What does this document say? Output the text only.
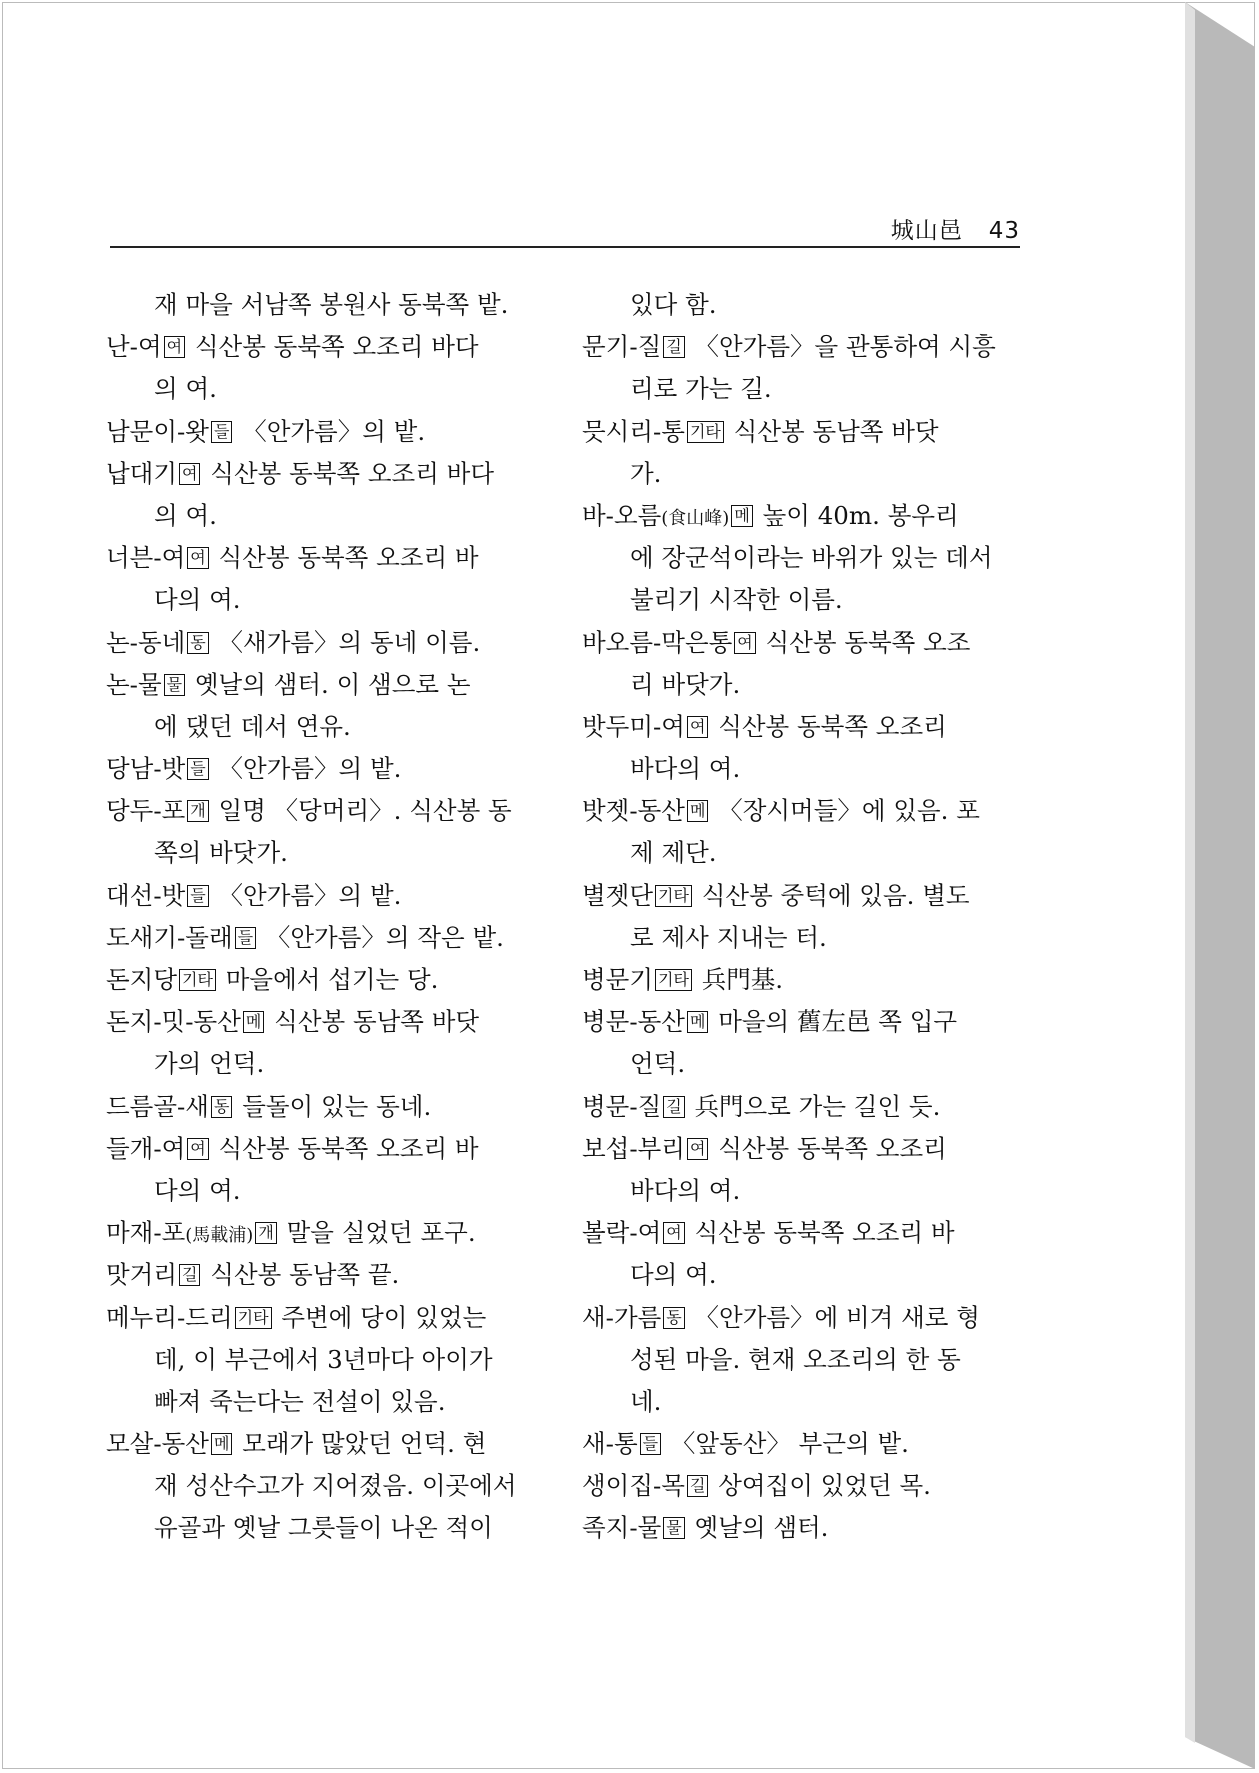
城山邑 43
재 마을 서남쪽 봉원사 동북쪽 밭.
난-여 여 식산봉 동북쪽 오조리 바다
의 여.
남문이-왓 들 〈안가름〉의 밭.
납대기 여 식산봉 동북쪽 오조리 바다
의 여.
너븐-여 여 식산봉 동북쪽 오조리 바
다의 여.
논-동네 동 〈새가름〉의 동네 이름.
논-물 물 옛날의 샘터. 이 샘으로 논
에 댔던 데서 연유.
당남-밧 들 〈안가름〉의 밭.
당두-포 개 일명 〈당머리〉. 식산봉 동
쪽의 바닷가.
대선-밧 들 〈안가름〉의 밭.
도새기-돌래 들 〈안가름〉의 작은 밭.
돈지당 기타 마을에서 섭기는 당.
돈지-밋-동산 메 식산봉 동남쪽 바닷
가의 언덕.
드름골-새 동 들돌이 있는 동네.
들개-여 여 식산봉 동북쪽 오조리 바
다의 여.
마재-포(馬載浦) 개 말을 실었던 포구.
맛거리 길 식산봉 동남쪽 끝.
메누리-드리 기타 주변에 당이 있었는
데, 이 부근에서 3년마다 아이가
빠져 죽는다는 전설이 있음.
모살-동산 메 모래가 많았던 언덕. 현
재 성산수고가 지어졌음. 이곳에서
유골과 옛날 그릇들이 나온 적이
있다 함.
문기-질 길 〈안가름〉을 관통하여 시흥
리로 가는 길.
믓시리-통 기타 식산봉 동남쪽 바닷
가.
바-오름(食山峰) 메 높이 40m. 봉우리
에 장군석이라는 바위가 있는 데서
불리기 시작한 이름.
바오름-막은통 여 식산봉 동북쪽 오조
리 바닷가.
밧두미-여 여 식산봉 동북쪽 오조리
바다의 여.
밧젯-동산 메 〈장시머들〉에 있음. 포
제 제단.
별젯단 기타 식산봉 중턱에 있음. 별도
로 제사 지내는 터.
병문기 기타 兵門基.
병문-동산 메 마을의 舊左邑 쪽 입구
언덕.
병문-질 길 兵門으로 가는 길인 듯.
보섭-부리 여 식산봉 동북쪽 오조리
바다의 여.
볼락-여 여 식산봉 동북쪽 오조리 바
다의 여.
새-가름 동 〈안가름〉에 비겨 새로 형
성된 마을. 현재 오조리의 한 동
네.
새-통 들 〈앞동산〉 부근의 밭.
생이집-목 길 상여집이 있었던 목.
족지-물 물 옛날의 샘터.
